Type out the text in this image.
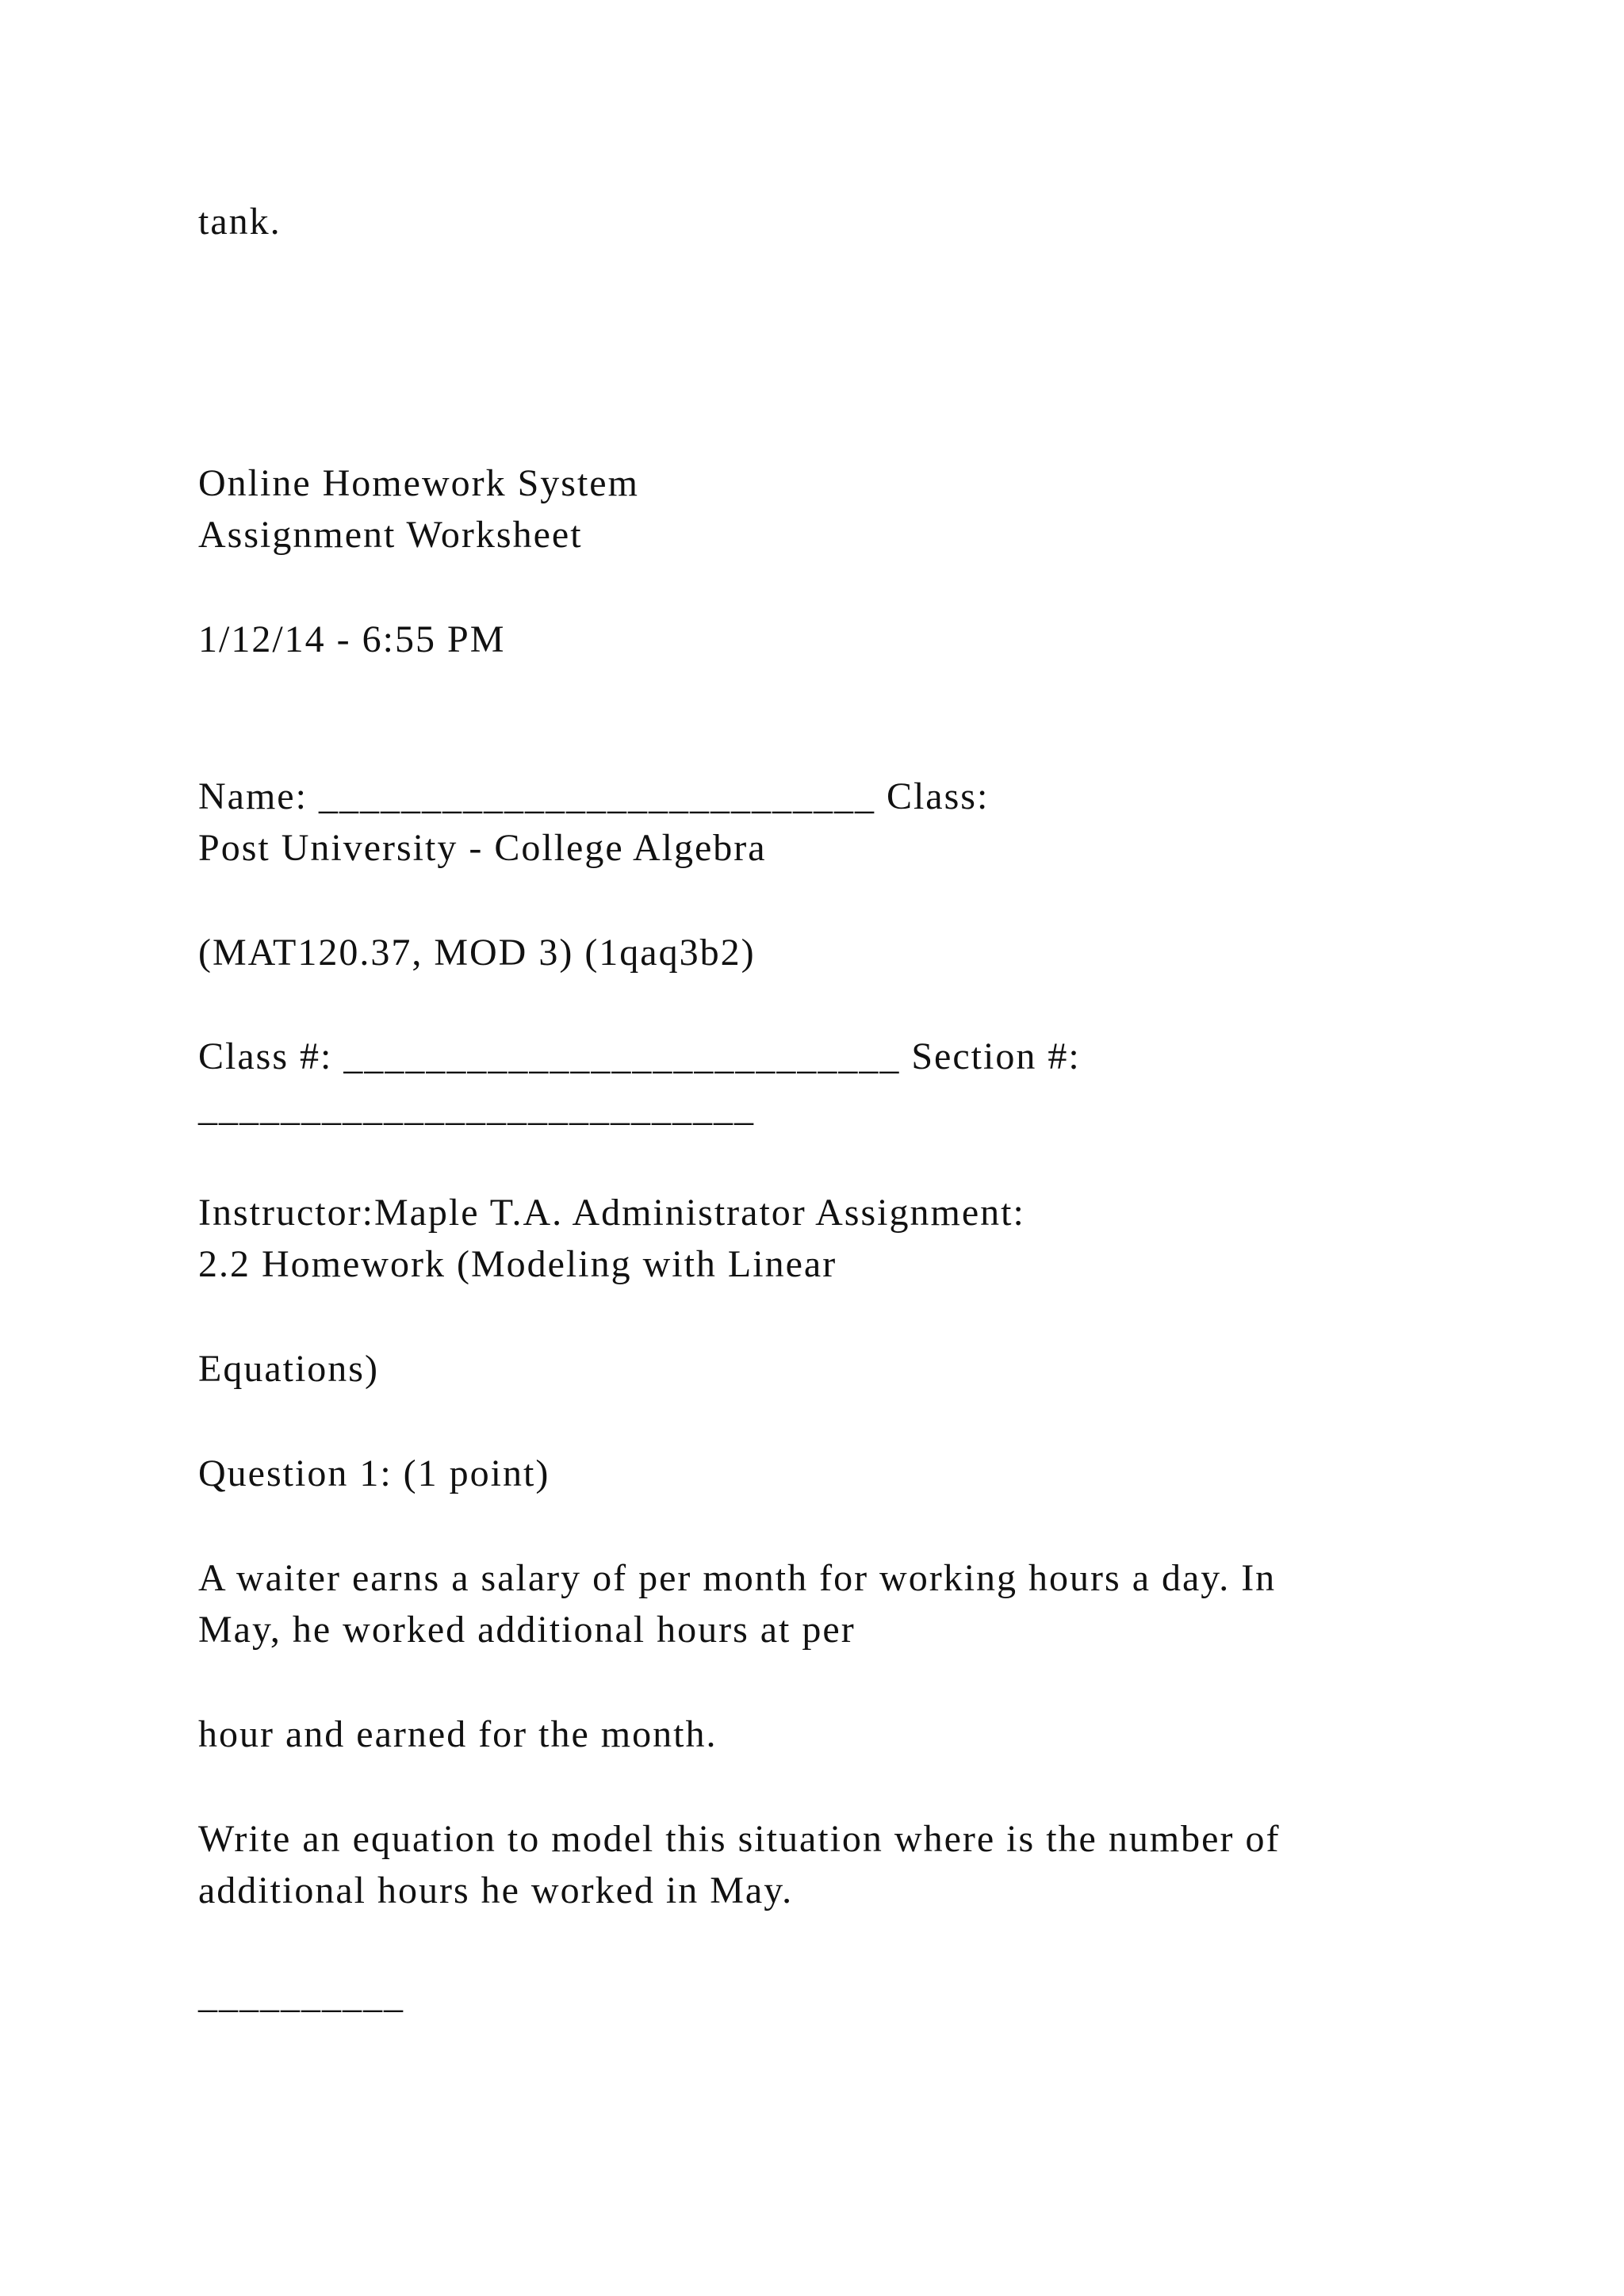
tank.

Online Homework System

Assignment Worksheet

1/12/14 - 6:55 PM

Name: ___________________________ Class:

Post University - College Algebra

(MAT120.37, MOD 3) (1qaq3b2)

Class #: ___________________________ Section #:

___________________________

Instructor:Maple T.A. Administrator Assignment:

2.2 Homework (Modeling with Linear

Equations)

Question 1: (1 point)

A waiter earns a salary of per month for working hours a day. In

May, he worked additional hours at per

hour and earned for the month.

Write an equation to model this situation where is the number of

additional hours he worked in May.

__________
